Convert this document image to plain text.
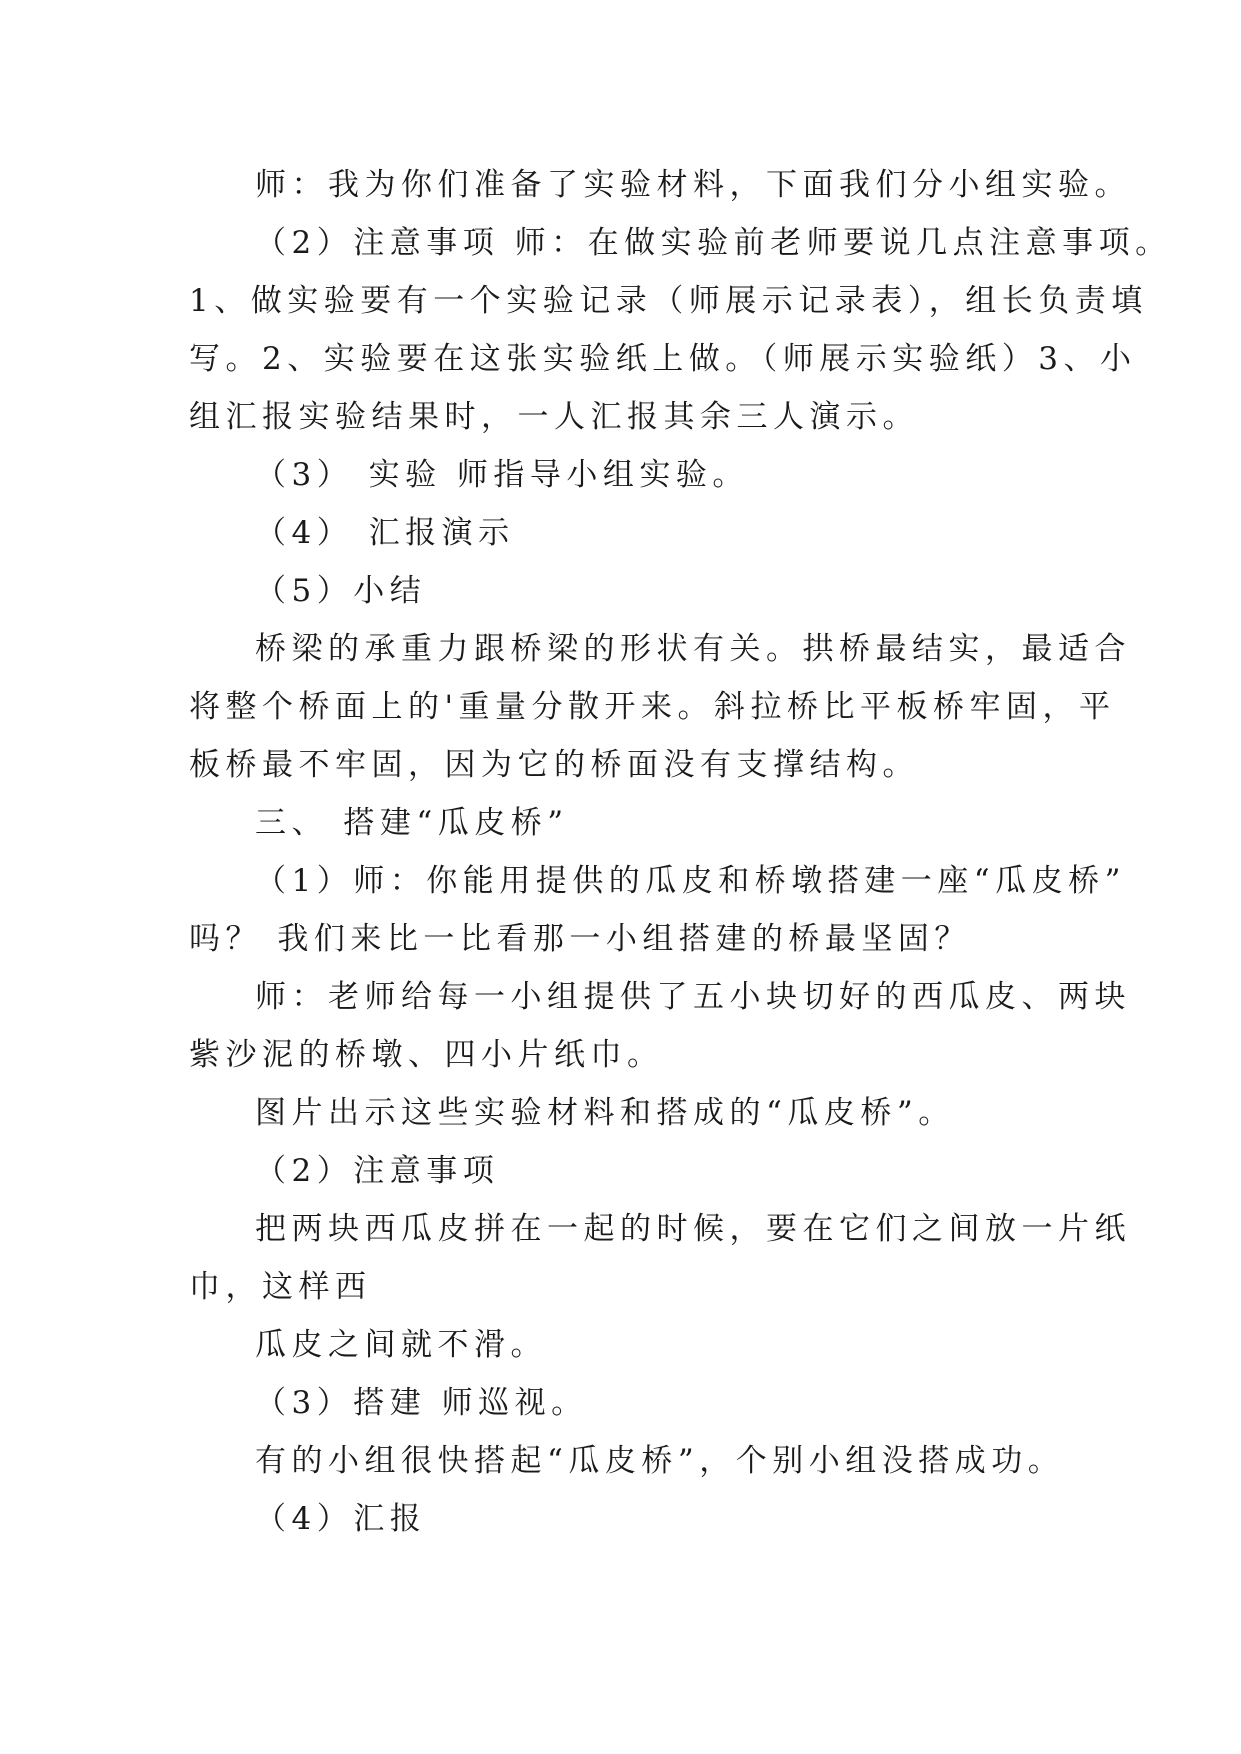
师：我为你们准备了实验材料，下面我们分小组实验。
（2）注意事项 师：在做实验前老师要说几点注意事项。
1、做实验要有一个实验记录（师展示记录表），组长负责填
写。2、实验要在这张实验纸上做。（师展示实验纸）3、小
组汇报实验结果时，一人汇报其余三人演示。
（3） 实验 师指导小组实验。
（4） 汇报演示
（5）小结
桥梁的承重力跟桥梁的形状有关。拱桥最结实，最适合
将整个桥面上的'重量分散开来。斜拉桥比平板桥牢固，平
板桥最不牢固，因为它的桥面没有支撑结构。
三、 搭建“瓜皮桥”
（1）师：你能用提供的瓜皮和桥墩搭建一座“瓜皮桥”
吗？ 我们来比一比看那一小组搭建的桥最坚固？
师：老师给每一小组提供了五小块切好的西瓜皮、两块
紫沙泥的桥墩、四小片纸巾。
图片出示这些实验材料和搭成的“瓜皮桥”。
（2）注意事项
把两块西瓜皮拼在一起的时候，要在它们之间放一片纸
巾，这样西
瓜皮之间就不滑。
（3）搭建 师巡视。
有的小组很快搭起“瓜皮桥”，个别小组没搭成功。
（4）汇报
